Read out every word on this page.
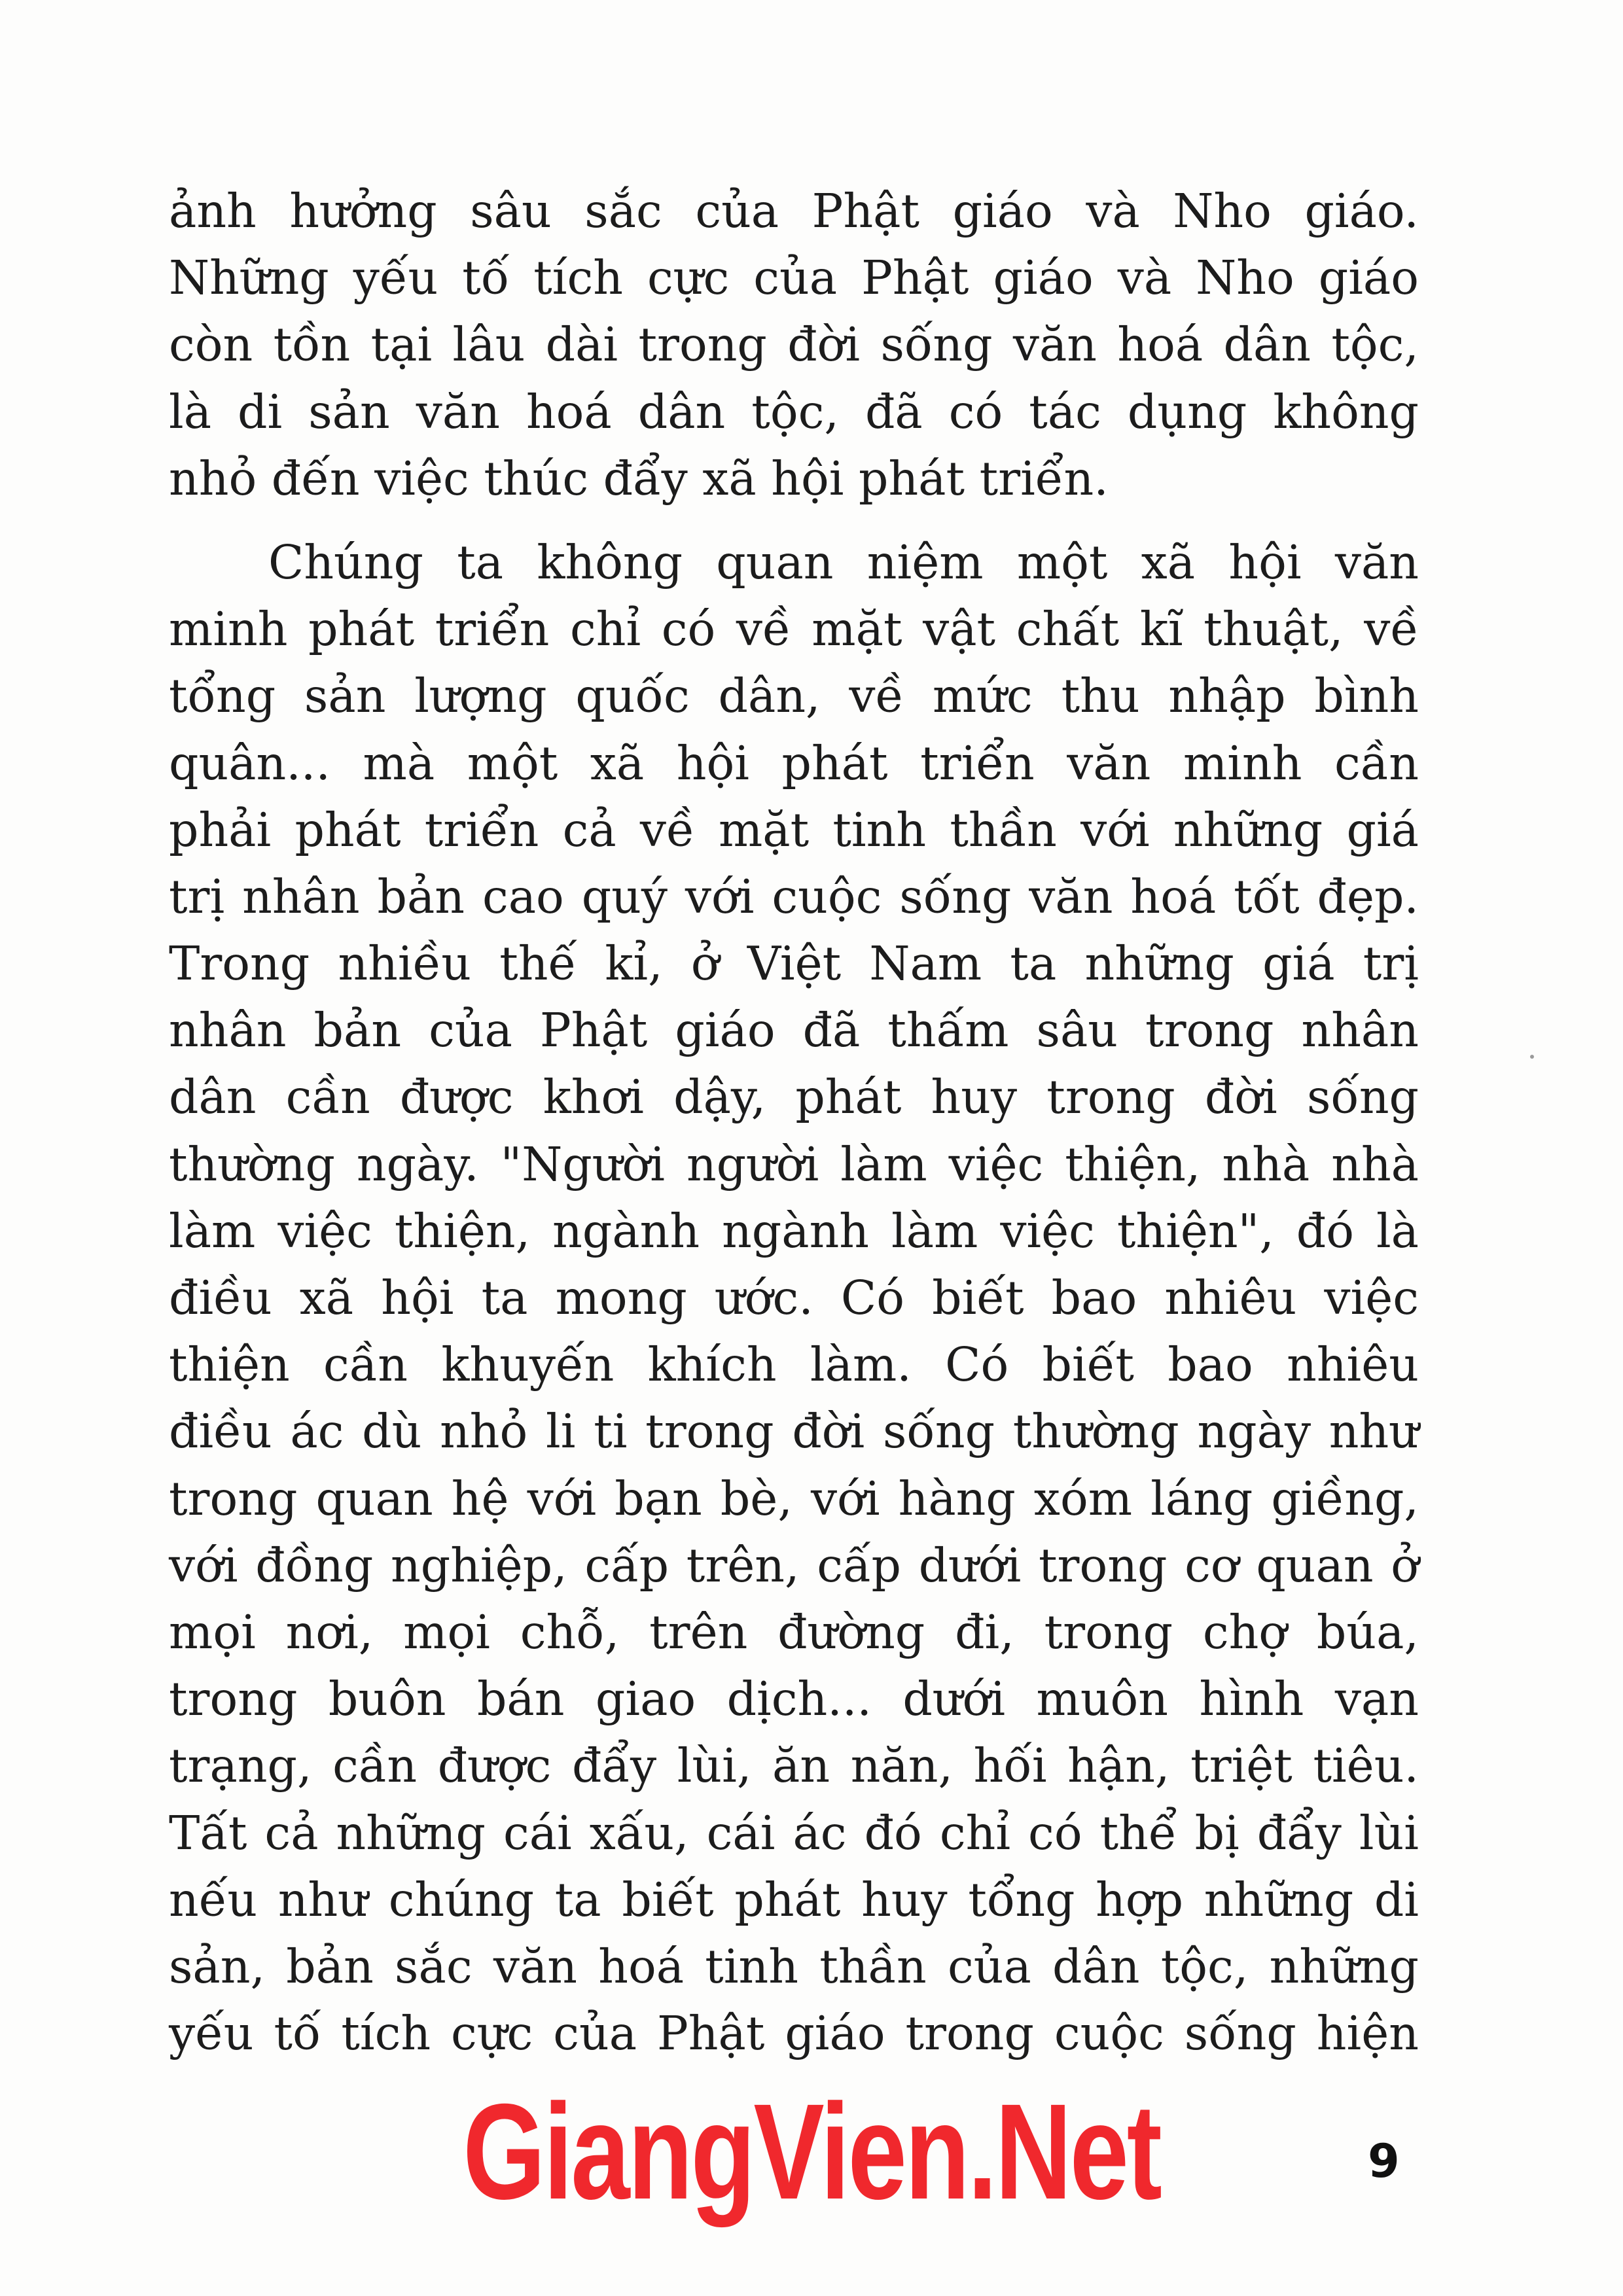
ảnh hưởng sâu sắc của Phật giáo và Nho giáo.
Những yếu tố tích cực của Phật giáo và Nho giáo
còn tồn tại lâu dài trong đời sống văn hoá dân tộc,
là di sản văn hoá dân tộc, đã có tác dụng không
nhỏ đến việc thúc đẩy xã hội phát triển.
Chúng ta không quan niệm một xã hội văn
minh phát triển chỉ có về mặt vật chất kĩ thuật, về
tổng sản lượng quốc dân, về mức thu nhập bình
quân... mà một xã hội phát triển văn minh cần
phải phát triển cả về mặt tinh thần với những giá
trị nhân bản cao quý với cuộc sống văn hoá tốt đẹp.
Trong nhiều thế kỉ, ở Việt Nam ta những giá trị
nhân bản của Phật giáo đã thấm sâu trong nhân
dân cần được khơi dậy, phát huy trong đời sống
thường ngày. "Người người làm việc thiện, nhà nhà
làm việc thiện, ngành ngành làm việc thiện", đó là
điều xã hội ta mong ước. Có biết bao nhiêu việc
thiện cần khuyến khích làm. Có biết bao nhiêu
điều ác dù nhỏ li ti trong đời sống thường ngày như
trong quan hệ với bạn bè, với hàng xóm láng giềng,
với đồng nghiệp, cấp trên, cấp dưới trong cơ quan ở
mọi nơi, mọi chỗ, trên đường đi, trong chợ búa,
trong buôn bán giao dịch... dưới muôn hình vạn
trạng, cần được đẩy lùi, ăn năn, hối hận, triệt tiêu.
Tất cả những cái xấu, cái ác đó chỉ có thể bị đẩy lùi
nếu như chúng ta biết phát huy tổng hợp những di
sản, bản sắc văn hoá tinh thần của dân tộc, những
yếu tố tích cực của Phật giáo trong cuộc sống hiện
GiangVien.Net	9
